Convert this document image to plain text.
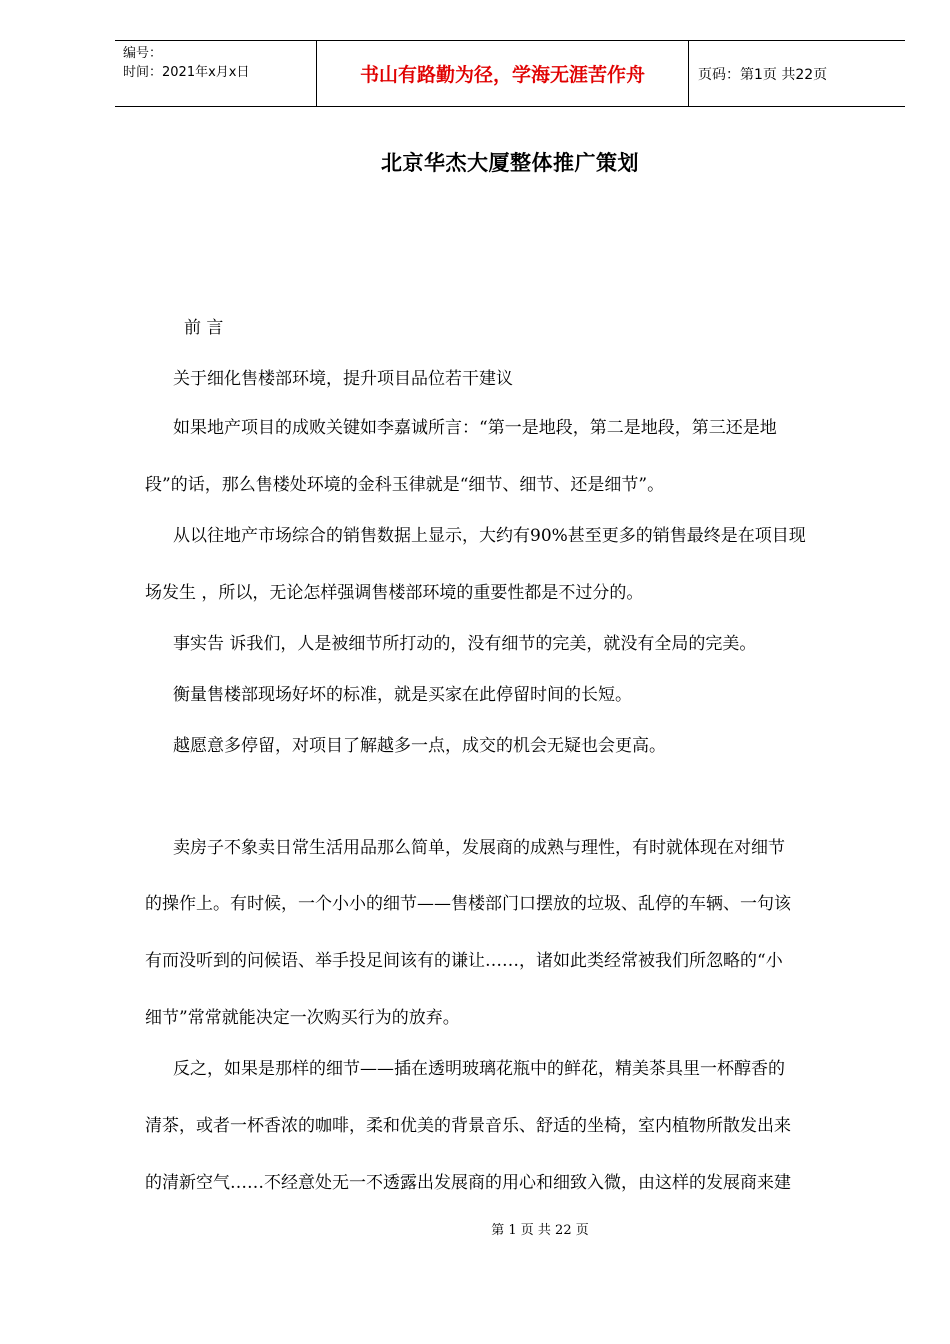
编号：
时间：2021年x月x日	书山有路勤为径，学海无涯苦作舟	页码：第1页 共22页
北京华杰大厦整体推广策划
前 言
关于细化售楼部环境，提升项目品位若干建议
如果地产项目的成败关键如李嘉诚所言：“第一是地段，第二是地段，第三还是地
段”的话，那么售楼处环境的金科玉律就是“细节、细节、还是细节”。
从以往地产市场综合的销售数据上显示，大约有90%甚至更多的销售最终是在项目现
场发生 ，所以，无论怎样强调售楼部环境的重要性都是不过分的。
事实告 诉我们，人是被细节所打动的，没有细节的完美，就没有全局的完美。
衡量售楼部现场好坏的标准，就是买家在此停留时间的长短。
越愿意多停留，对项目了解越多一点，成交的机会无疑也会更高。
卖房子不象卖日常生活用品那么简单，发展商的成熟与理性，有时就体现在对细节
的操作上。有时候，一个小小的细节——售楼部门口摆放的垃圾、乱停的车辆、一句该
有而没听到的问候语、举手投足间该有的谦让……，诸如此类经常被我们所忽略的“小
细节”常常就能决定一次购买行为的放弃。
反之，如果是那样的细节——插在透明玻璃花瓶中的鲜花，精美茶具里一杯醇香的
清茶，或者一杯香浓的咖啡，柔和优美的背景音乐、舒适的坐椅，室内植物所散发出来
的清新空气……不经意处无一不透露出发展商的用心和细致入微，由这样的发展商来建
第 1 页 共 22 页
